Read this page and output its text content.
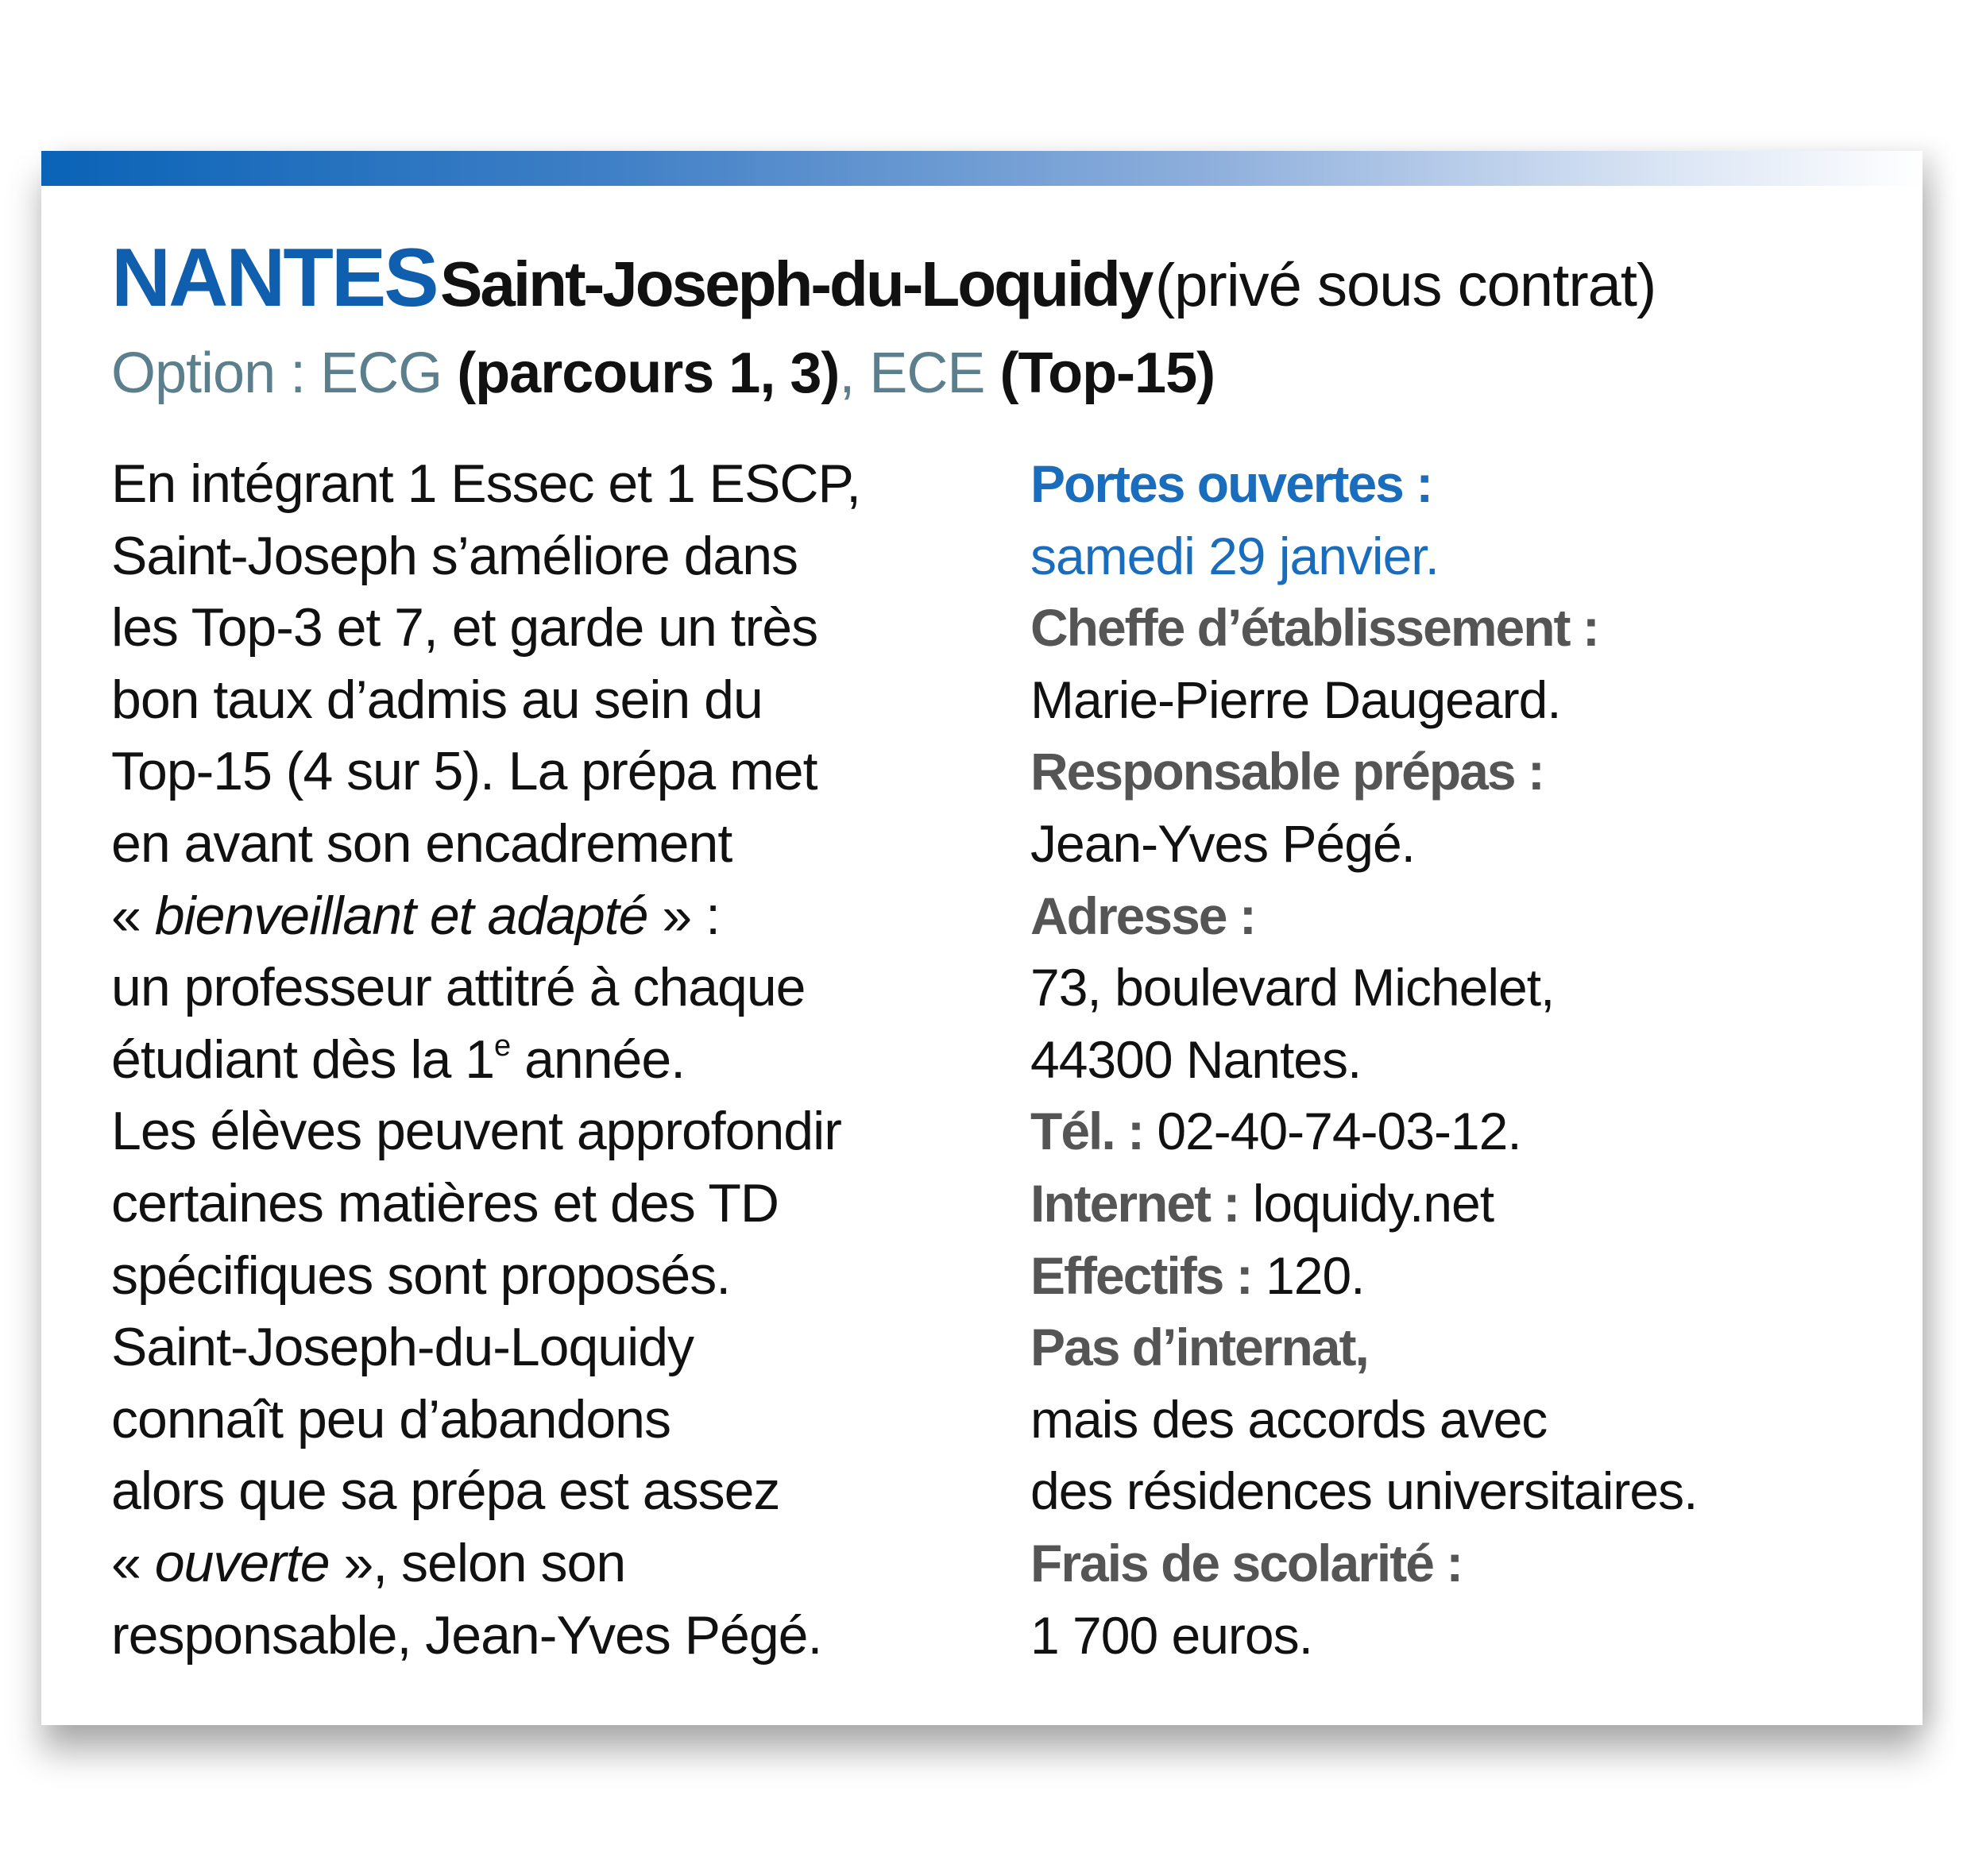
NANTES Saint-Joseph-du-Loquidy (privé sous contrat)
Option : ECG (parcours 1, 3), ECE (Top-15)
En intégrant 1 Essec et 1 ESCP,
Saint-Joseph s’améliore dans
les Top-3 et 7, et garde un très
bon taux d’admis au sein du
Top-15 (4 sur 5). La prépa met
en avant son encadrement
« bienveillant et adapté » :
un professeur attitré à chaque
étudiant dès la 1e année.
Les élèves peuvent approfondir
certaines matières et des TD
spécifiques sont proposés.
Saint-Joseph-du-Loquidy
connaît peu d’abandons
alors que sa prépa est assez
« ouverte », selon son
responsable, Jean-Yves Pégé.
Portes ouvertes :
samedi 29 janvier.
Cheffe d’établissement :
Marie-Pierre Daugeard.
Responsable prépas :
Jean-Yves Pégé.
Adresse :
73, boulevard Michelet,
44300 Nantes.
Tél. : 02-40-74-03-12.
Internet : loquidy.net
Effectifs : 120.
Pas d’internat,
mais des accords avec
des résidences universitaires.
Frais de scolarité :
1 700 euros.
